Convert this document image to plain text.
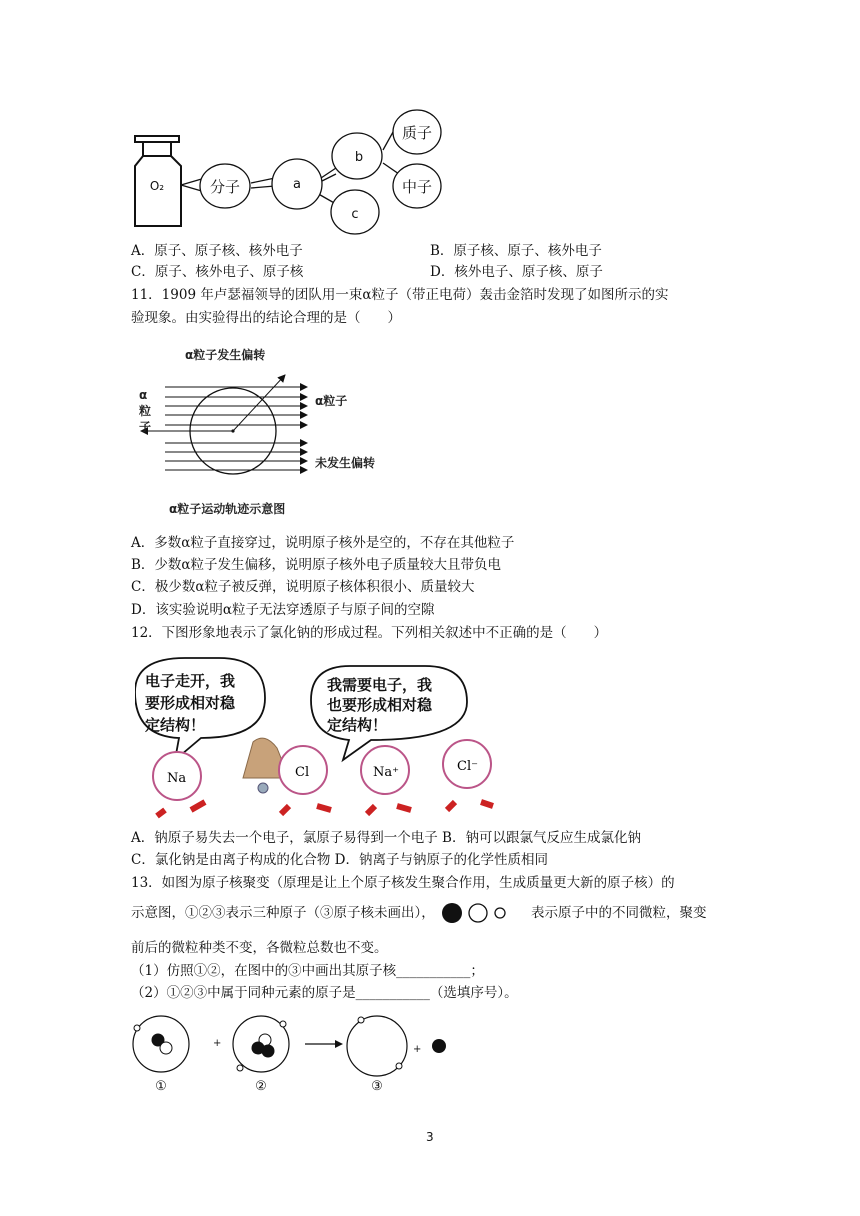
O₂	分子	a
b
c
质子
中子
A．原子、原子核、核外电子	B．原子核、原子、核外电子
C．原子、核外电子、原子核	D．核外电子、原子核、原子
11．1909 年卢瑟福领导的团队用一束α粒子（带正电荷）轰击金箔时发现了如图所示的实
验现象。由实验得出的结论合理的是（　　）
α粒子发生偏转
α
粒
子
α粒子
未发生偏转
α粒子运动轨迹示意图
A．多数α粒子直接穿过，说明原子核外是空的，不存在其他粒子
B．少数α粒子发生偏移，说明原子核外电子质量较大且带负电
C．极少数α粒子被反弹，说明原子核体积很小、质量较大
D．该实验说明α粒子无法穿透原子与原子间的空隙
12．下图形象地表示了氯化钠的形成过程。下列相关叙述中不正确的是（　　）
电子走开，我
要形成相对稳
定结构！
我需要电子，我
也要形成相对稳
定结构！
Na	Cl	Na⁺	Cl⁻
A．钠原子易失去一个电子，氯原子易得到一个电子 B．钠可以跟氯气反应生成氯化钠
C．氯化钠是由离子构成的化合物 D．钠离子与钠原子的化学性质相同
13．如图为原子核聚变（原理是让上个原子核发生聚合作用，生成质量更大新的原子核）的
示意图，①②③表示三种原子（③原子核未画出），	表示原子中的不同微粒，聚变
前后的微粒种类不变，各微粒总数也不变。
（1）仿照①②，在图中的③中画出其原子核___________；
（2）①②③中属于同种元素的原子是___________（选填序号）。
+
+
①	②	③
3
